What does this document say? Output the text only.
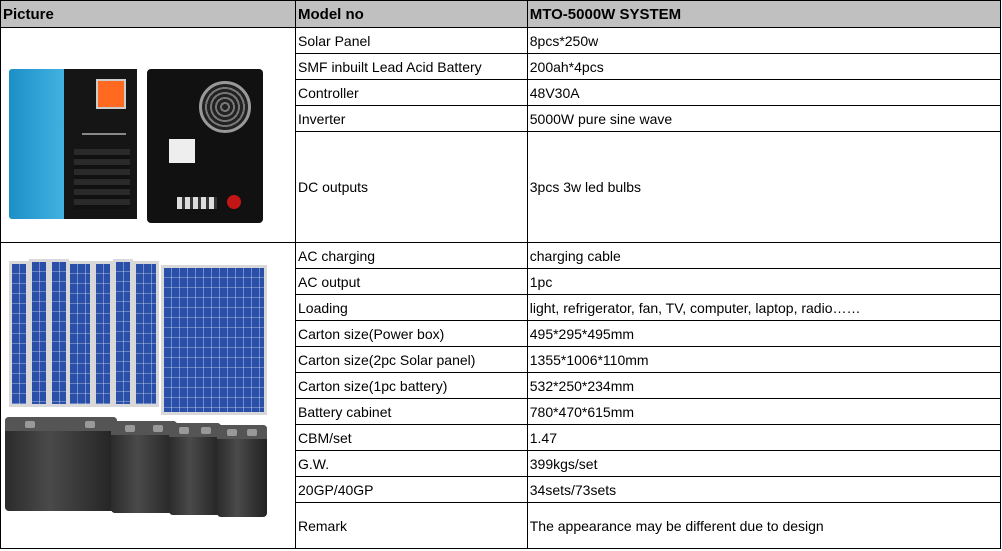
Picture	Model no	MTO-5000W SYSTEM

	Solar Panel	8pcs*250w
	SMF inbuilt Lead Acid Battery	200ah*4pcs
	Controller	48V30A
	Inverter	5000W pure sine wave
	DC outputs	3pcs 3w led bulbs

	AC charging	charging cable
	AC output	1pc
	Loading	light, refrigerator, fan, TV, computer, laptop, radio……
	Carton size(Power box)	495*295*495mm
	Carton size(2pc Solar panel)	1355*1006*110mm
	Carton size(1pc battery)	532*250*234mm
	Battery cabinet	780*470*615mm
	CBM/set	1.47
	G.W.	399kgs/set
	20GP/40GP	34sets/73sets
	Remark	The appearance may be different due to design
